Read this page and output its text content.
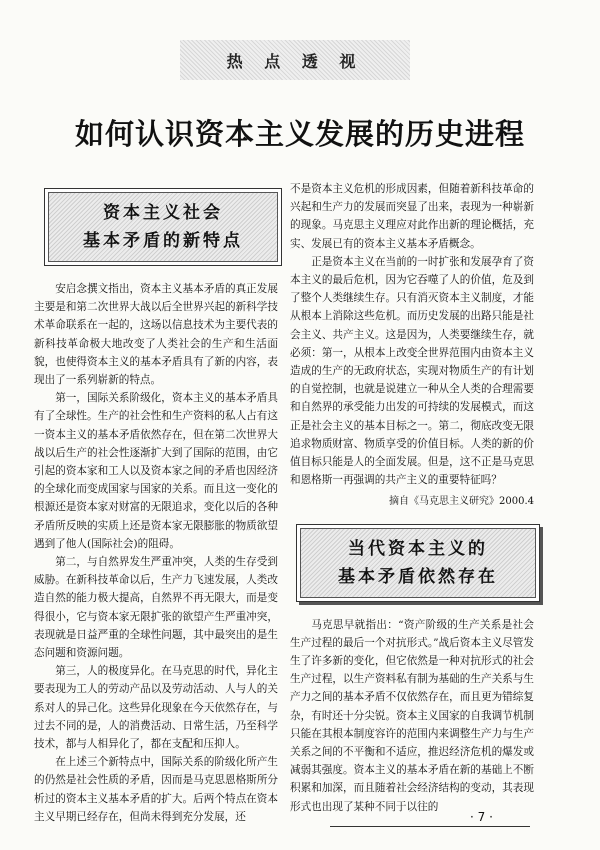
热 点 透 视
如何认识资本主义发展的历史进程
资本主义社会
基本矛盾的新特点

安启念撰文指出，资本主义基本矛盾的真正发展主要是和第二次世界大战以后全世界兴起的新科学技术革命联系在一起的，这场以信息技术为主要代表的新科技革命极大地改变了人类社会的生产和生活面貌，也使得资本主义的基本矛盾具有了新的内容，表现出了一系列崭新的特点。

第一，国际关系阶级化，资本主义的基本矛盾具有了全球性。生产的社会性和生产资料的私人占有这一资本主义的基本矛盾依然存在，但在第二次世界大战以后生产的社会性逐渐扩大到了国际的范围，由它引起的资本家和工人以及资本家之间的矛盾也因经济的全球化而变成国家与国家的关系。而且这一变化的根源还是资本家对财富的无限追求，变化以后的各种矛盾所反映的实质上还是资本家无限膨胀的物质欲望遇到了他人(国际社会)的阻碍。

第二，与自然界发生严重冲突，人类的生存受到威胁。在新科技革命以后，生产力飞速发展，人类改造自然的能力极大提高，自然界不再无限大，而是变得很小，它与资本家无限扩张的欲望产生严重冲突，表现就是日益严重的全球性问题，其中最突出的是生态问题和资源问题。

第三，人的极度异化。在马克思的时代，异化主要表现为工人的劳动产品以及劳动活动、人与人的关系对人的异己化。这些异化现象在今天依然存在，与过去不同的是，人的消费活动、日常生活，乃至科学技术，都与人相异化了，都在支配和压抑人。

在上述三个新特点中，国际关系的阶级化所产生的仍然是社会性质的矛盾，因而是马克思恩格斯所分析过的资本主义基本矛盾的扩大。后两个特点在资本主义早期已经存在，但尚未得到充分发展，还

不是资本主义危机的形成因素，但随着新科技革命的兴起和生产力的发展而突显了出来，表现为一种崭新的现象。马克思主义理应对此作出新的理论概括，充实、发展已有的资本主义基本矛盾概念。

正是资本主义在当前的一时扩张和发展孕育了资本主义的最后危机，因为它吞噬了人的价值，危及到了整个人类继续生存。只有消灭资本主义制度，才能从根本上消除这些危机。而历史发展的出路只能是社会主义、共产主义。这是因为，人类要继续生存，就必须：第一，从根本上改变全世界范围内由资本主义造成的生产的无政府状态，实现对物质生产的有计划的自觉控制，也就是说建立一种从全人类的合理需要和自然界的承受能力出发的可持续的发展模式，而这正是社会主义的基本目标之一。第二，彻底改变无限追求物质财富、物质享受的价值目标。人类的新的价值目标只能是人的全面发展。但是，这不正是马克思和恩格斯一再强调的共产主义的重要特征吗？

摘自《马克思主义研究》2000.4
当代资本主义的
基本矛盾依然存在

马克思早就指出：“资产阶级的生产关系是社会生产过程的最后一个对抗形式。”战后资本主义尽管发生了许多新的变化，但它依然是一种对抗形式的社会生产过程，以生产资料私有制为基础的生产关系与生产力之间的基本矛盾不仅依然存在，而且更为错综复杂，有时还十分尖锐。资本主义国家的自我调节机制只能在其根本制度容许的范围内来调整生产力与生产关系之间的不平衡和不适应，推迟经济危机的爆发或减弱其强度。资本主义的基本矛盾在新的基础上不断积累和加深，而且随着社会经济结构的变动，其表现形式也出现了某种不同于以往的

· 7 ·
